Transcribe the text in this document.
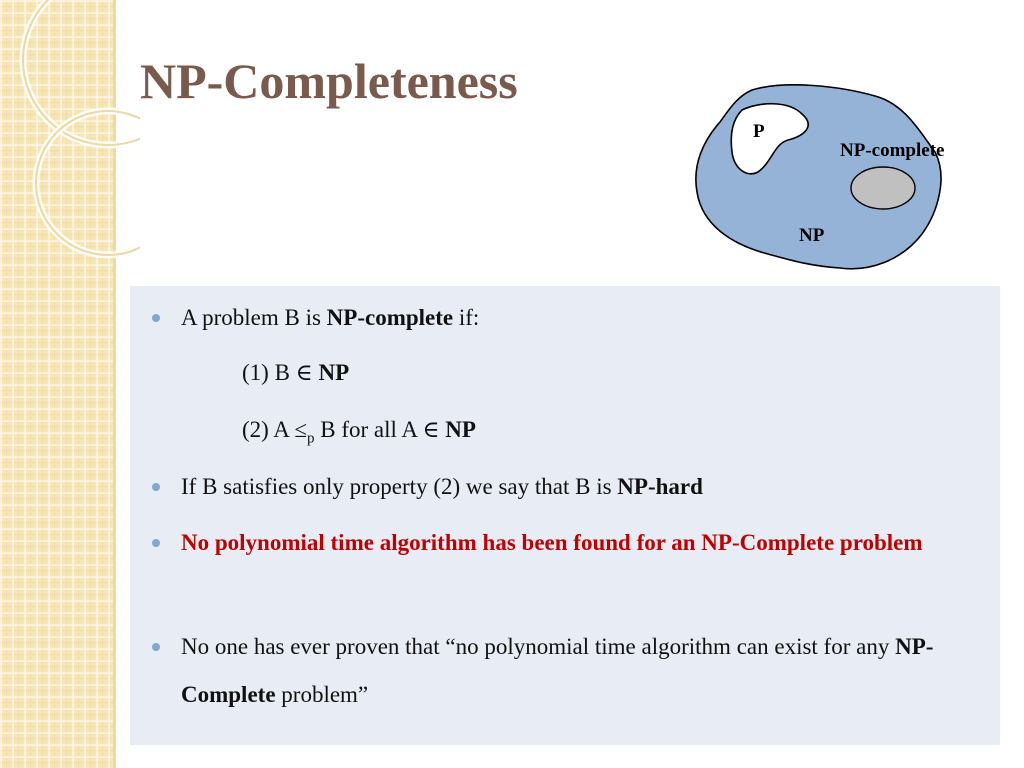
NP-Completeness
P
NP-complete
NP
A problem B is NP-complete if:
(1) B ∈ NP
(2) $A \le_p$ B for all A ∈ NP
If B satisfies only property (2) we say that B is NP-hard
No polynomial time algorithm has been found for an NP-Complete problem
No one has ever proven that “no polynomial time algorithm can exist for any NP-Complete problem”
